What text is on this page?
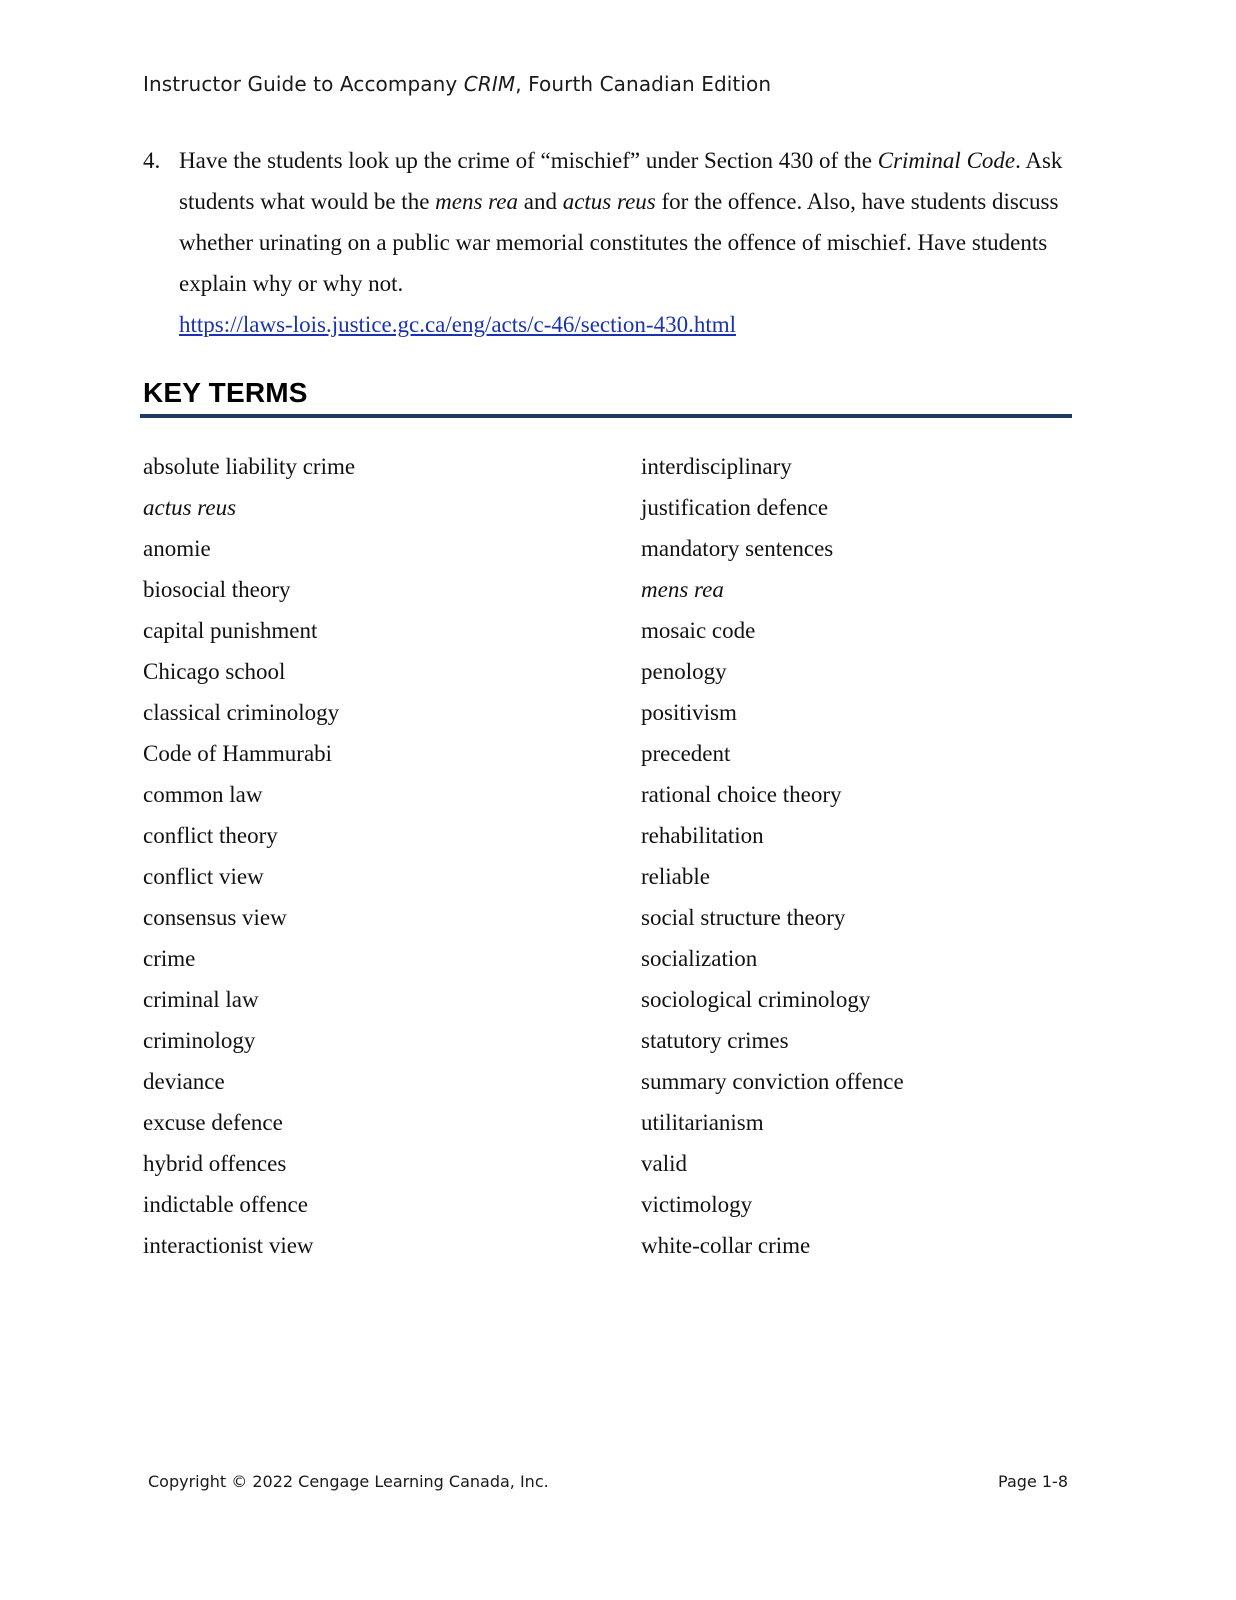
Instructor Guide to Accompany CRIM, Fourth Canadian Edition
4. Have the students look up the crime of “mischief” under Section 430 of the Criminal Code. Ask students what would be the mens rea and actus reus for the offence. Also, have students discuss whether urinating on a public war memorial constitutes the offence of mischief. Have students explain why or why not.
https://laws-lois.justice.gc.ca/eng/acts/c-46/section-430.html
KEY TERMS
absolute liability crime
actus reus
anomie
biosocial theory
capital punishment
Chicago school
classical criminology
Code of Hammurabi
common law
conflict theory
conflict view
consensus view
crime
criminal law
criminology
deviance
excuse defence
hybrid offences
indictable offence
interactionist view
interdisciplinary
justification defence
mandatory sentences
mens rea
mosaic code
penology
positivism
precedent
rational choice theory
rehabilitation
reliable
social structure theory
socialization
sociological criminology
statutory crimes
summary conviction offence
utilitarianism
valid
victimology
white-collar crime
Copyright © 2022 Cengage Learning Canada, Inc.	Page 1-8
